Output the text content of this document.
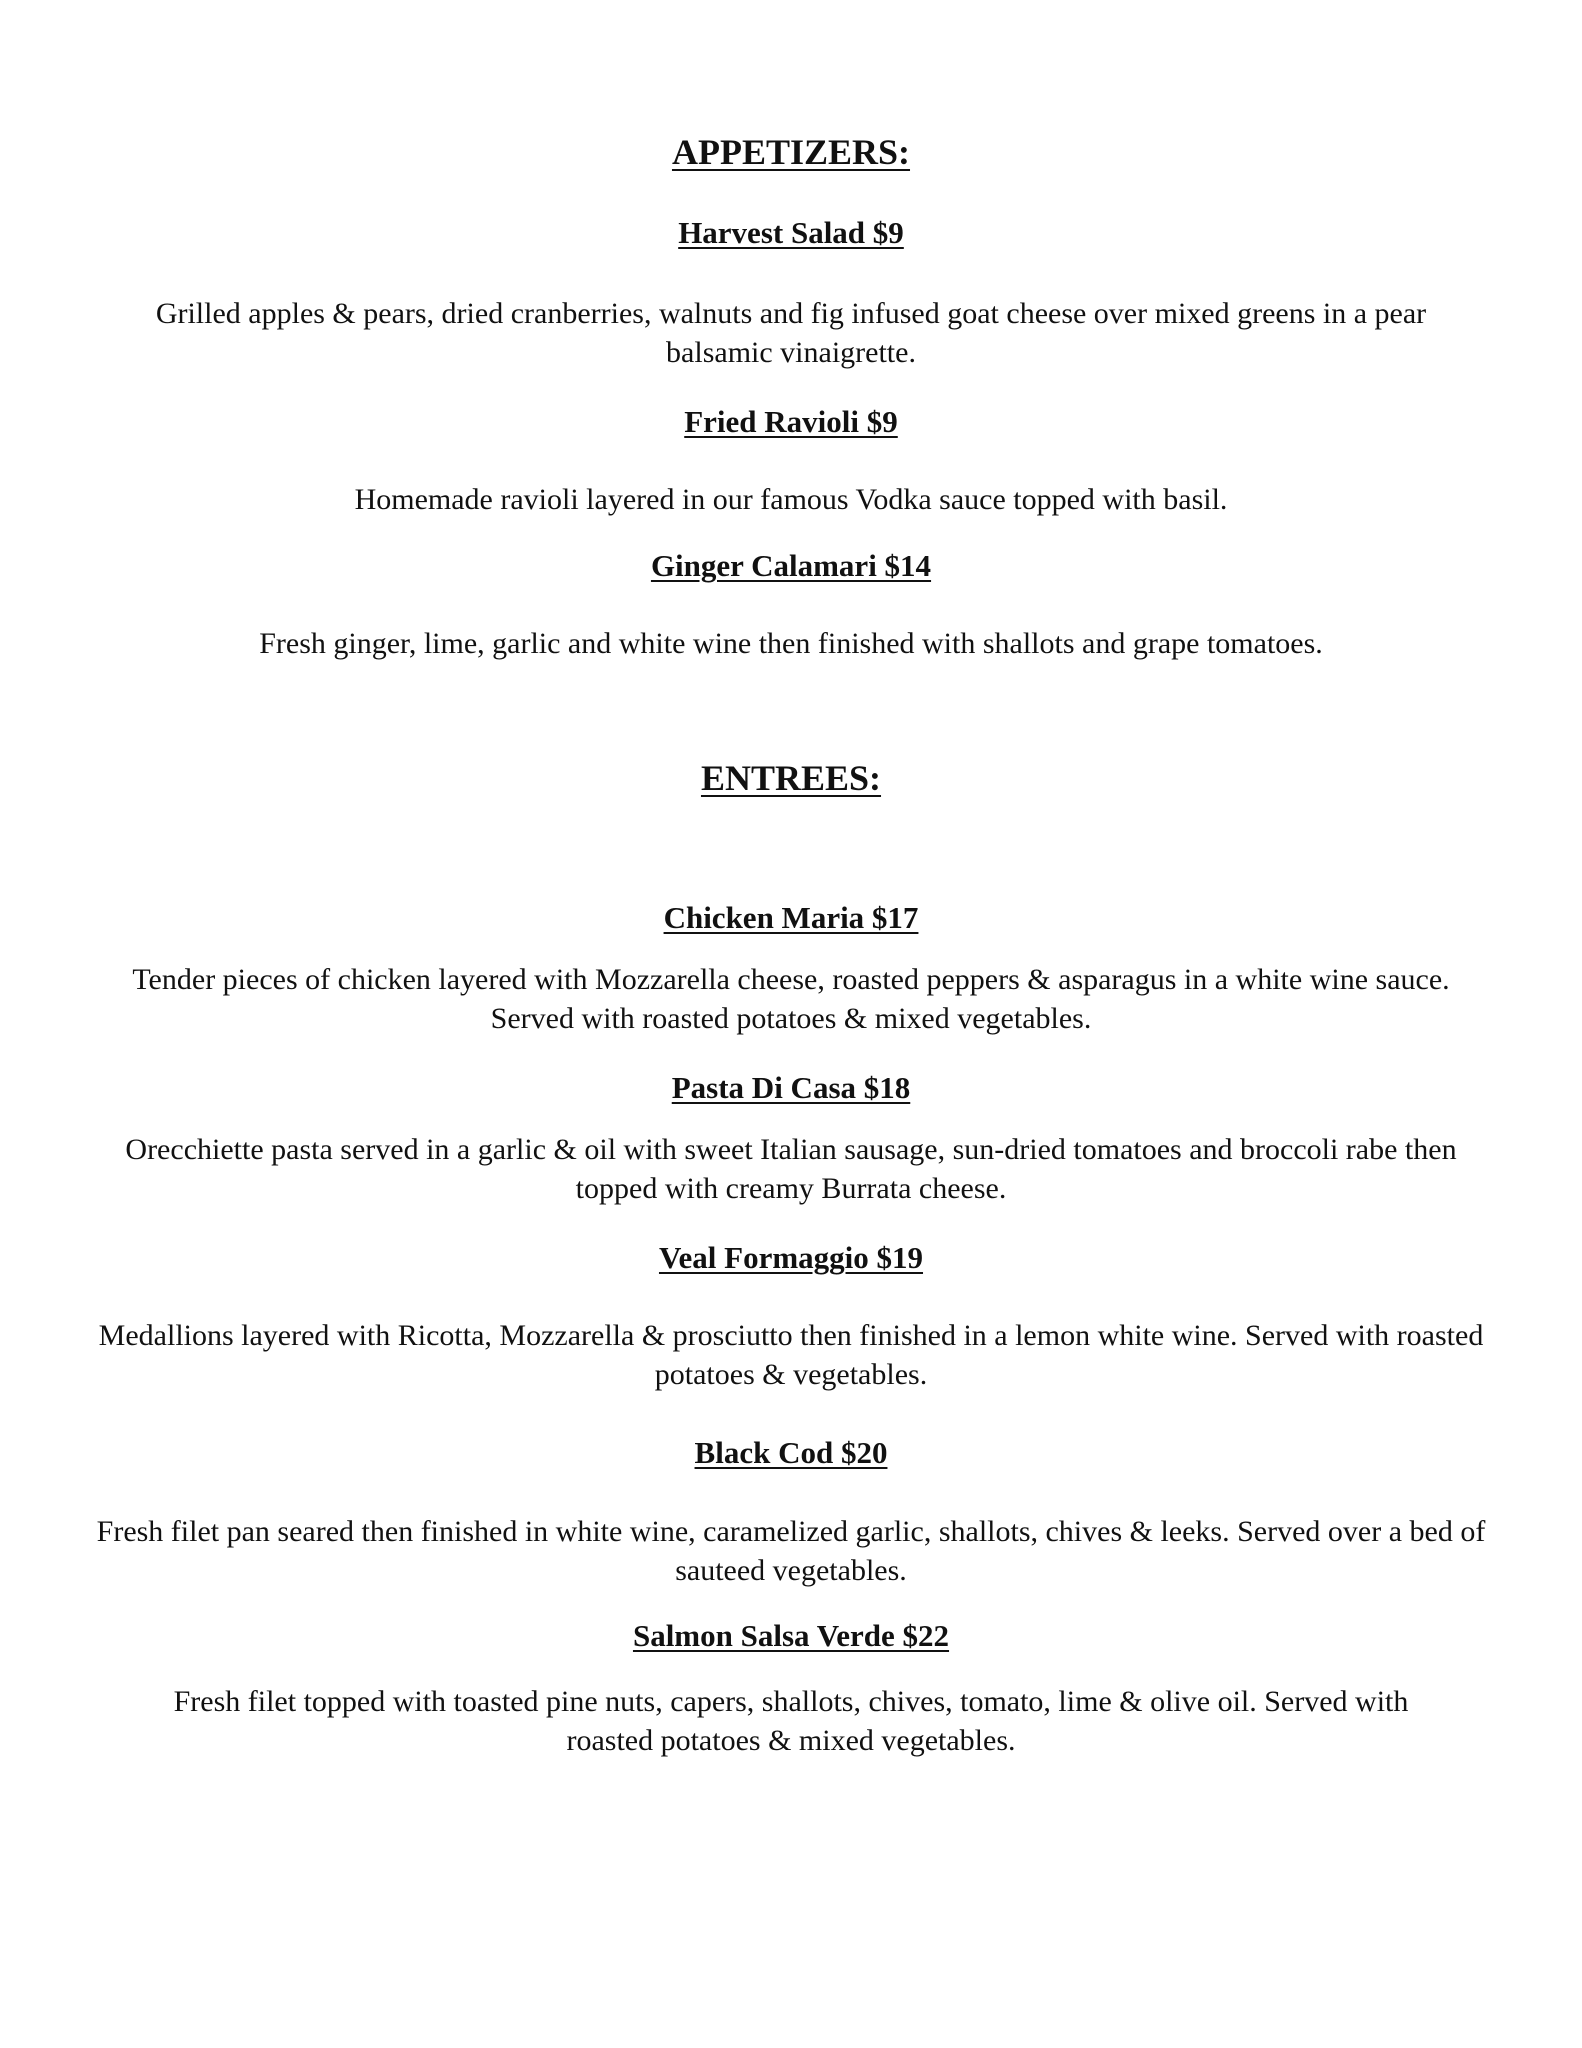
APPETIZERS:
Harvest Salad $9

Grilled apples & pears, dried cranberries, walnuts and fig infused goat cheese over mixed greens in a pear balsamic vinaigrette.

Fried Ravioli $9

Homemade ravioli layered in our famous Vodka sauce topped with basil.

Ginger Calamari $14

Fresh ginger, lime, garlic and white wine then finished with shallots and grape tomatoes.

ENTREES:
Chicken Maria $17

Tender pieces of chicken layered with Mozzarella cheese, roasted peppers & asparagus in a white wine sauce. Served with roasted potatoes & mixed vegetables.

Pasta Di Casa $18

Orecchiette pasta served in a garlic & oil with sweet Italian sausage, sun-dried tomatoes and broccoli rabe then topped with creamy Burrata cheese.

Veal Formaggio $19

Medallions layered with Ricotta, Mozzarella & prosciutto then finished in a lemon white wine. Served with roasted potatoes & vegetables.

Black Cod $20

Fresh filet pan seared then finished in white wine, caramelized garlic, shallots, chives & leeks. Served over a bed of sauteed vegetables.

Salmon Salsa Verde $22

Fresh filet topped with toasted pine nuts, capers, shallots, chives, tomato, lime & olive oil. Served with roasted potatoes & mixed vegetables.
